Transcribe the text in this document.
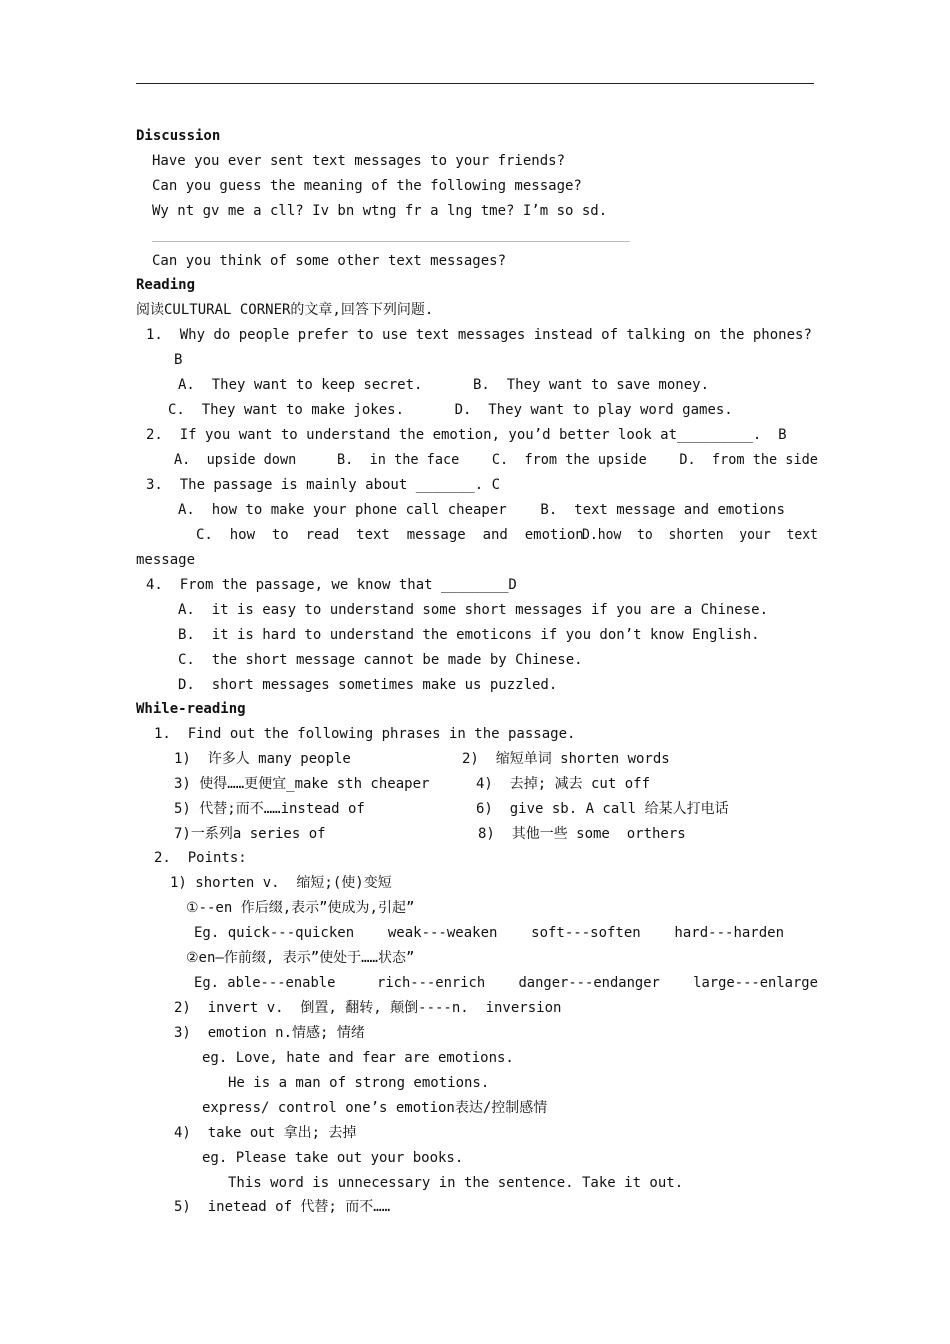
Discussion
Have you ever sent text messages to your friends?
Can you guess the meaning of the following message?
Wy nt gv me a cll? Iv bn wtng fr a lng tme? I’m so sd.
Can you think of some other text messages?
Reading
阅读CULTURAL CORNER的文章,回答下列问题.
1.  Why do people prefer to use text messages instead of talking on the phones?
B
A.  They want to keep secret.      B.  They want to save money.
C.  They want to make jokes.      D.  They want to play word games.
2.  If you want to understand the emotion, you’d better look at_________.  B
A.  upside down     B.  in the face    C.  from the upside    D.  from the side
3.  The passage is mainly about _______. C
A.  how to make your phone call cheaper    B.  text message and emotions
C.  how  to  read  text  message  and  emotion
D.how  to  shorten  your  text
message
4.  From the passage, we know that ________D
A.  it is easy to understand some short messages if you are a Chinese.
B.  it is hard to understand the emoticons if you don’t know English.
C.  the short message cannot be made by Chinese.
D.  short messages sometimes make us puzzled.
While-reading
1.  Find out the following phrases in the passage.
1)  许多人 many people	2)  缩短单词 shorten words
3) 使得……更便宜_make sth cheaper	4)  去掉; 减去 cut off
5) 代替;而不……instead of	6)  give sb. A call 给某人打电话
7)一系列a series of	8)  其他一些 some  orthers
2.  Points:
1) shorten v.  缩短;(使)变短
①--en 作后缀,表示”使成为,引起”
Eg. quick---quicken    weak---weaken    soft---soften    hard---harden
②en—作前缀, 表示”使处于……状态”
Eg. able---enable     rich---enrich    danger---endanger    large---enlarge
2)  invert v.  倒置, 翻转, 颠倒----n.  inversion
3)  emotion n.情感; 情绪
eg. Love, hate and fear are emotions.
He is a man of strong emotions.
express/ control one’s emotion表达/控制感情
4)  take out 拿出; 去掉
eg. Please take out your books.
This word is unnecessary in the sentence. Take it out.
5)  inetead of 代替; 而不……
